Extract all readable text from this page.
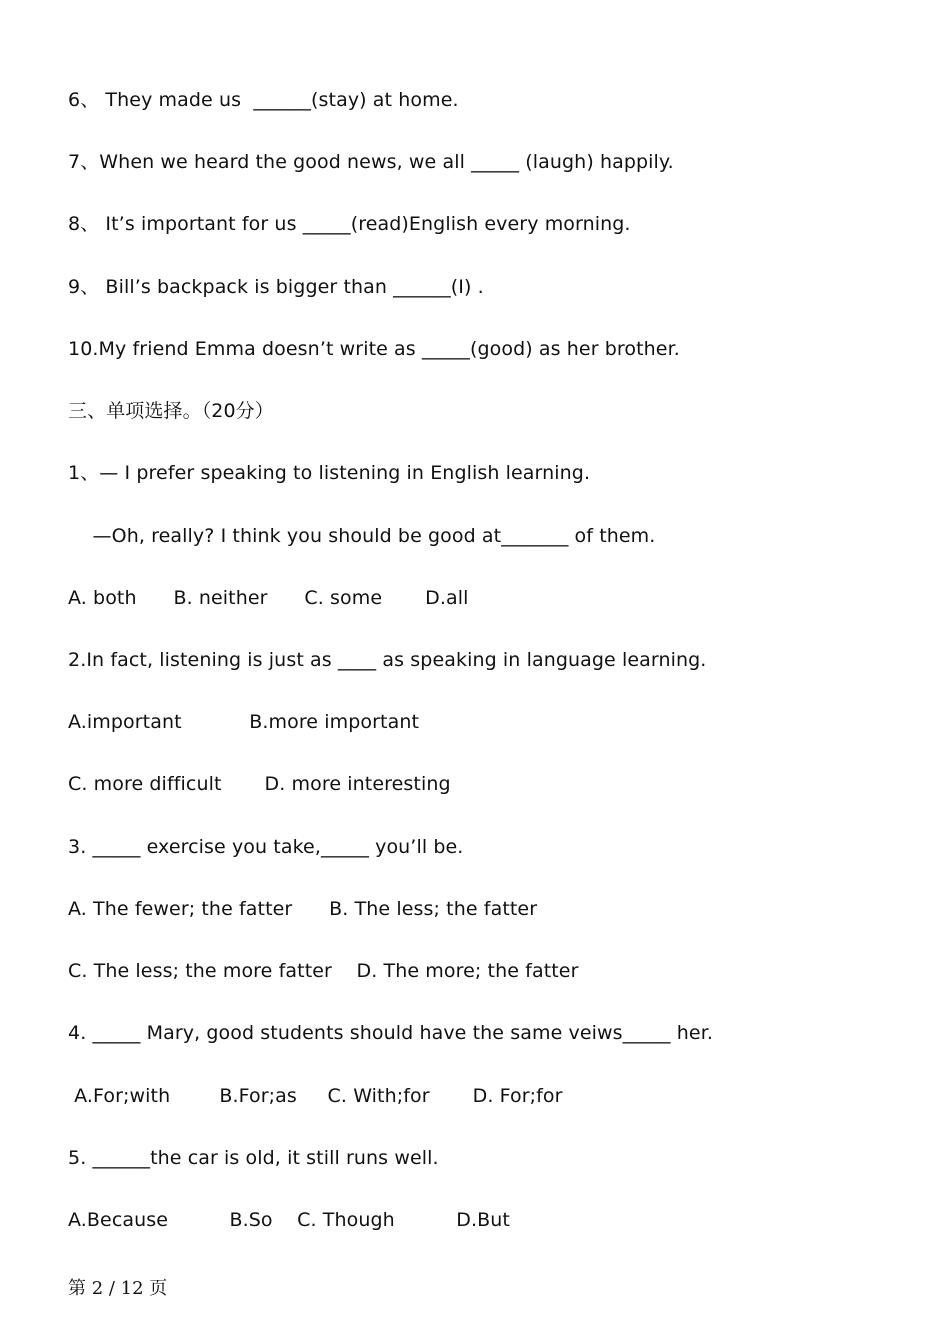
6、 They made us  ______(stay) at home.
7、When we heard the good news, we all _____ (laugh) happily.
8、 It’s important for us _____(read)English every morning.
9、 Bill’s backpack is bigger than ______(I) .
10.My friend Emma doesn’t write as _____(good) as her brother.
三、单项选择。（20分）
1、— I prefer speaking to listening in English learning.
—Oh, really? I think you should be good at_______ of them.
A. both      B. neither      C. some       D.all
2.In fact, listening is just as ____ as speaking in language learning.
A.important           B.more important
C. more difficult       D. more interesting
3. _____ exercise you take,_____ you’ll be.
A. The fewer; the fatter      B. The less; the fatter
C. The less; the more fatter    D. The more; the fatter
4. _____ Mary, good students should have the same veiws_____ her.
A.For;with        B.For;as     C. With;for       D. For;for
5. ______the car is old, it still runs well.
A.Because          B.So    C. Though          D.But
第 2 / 12 页
